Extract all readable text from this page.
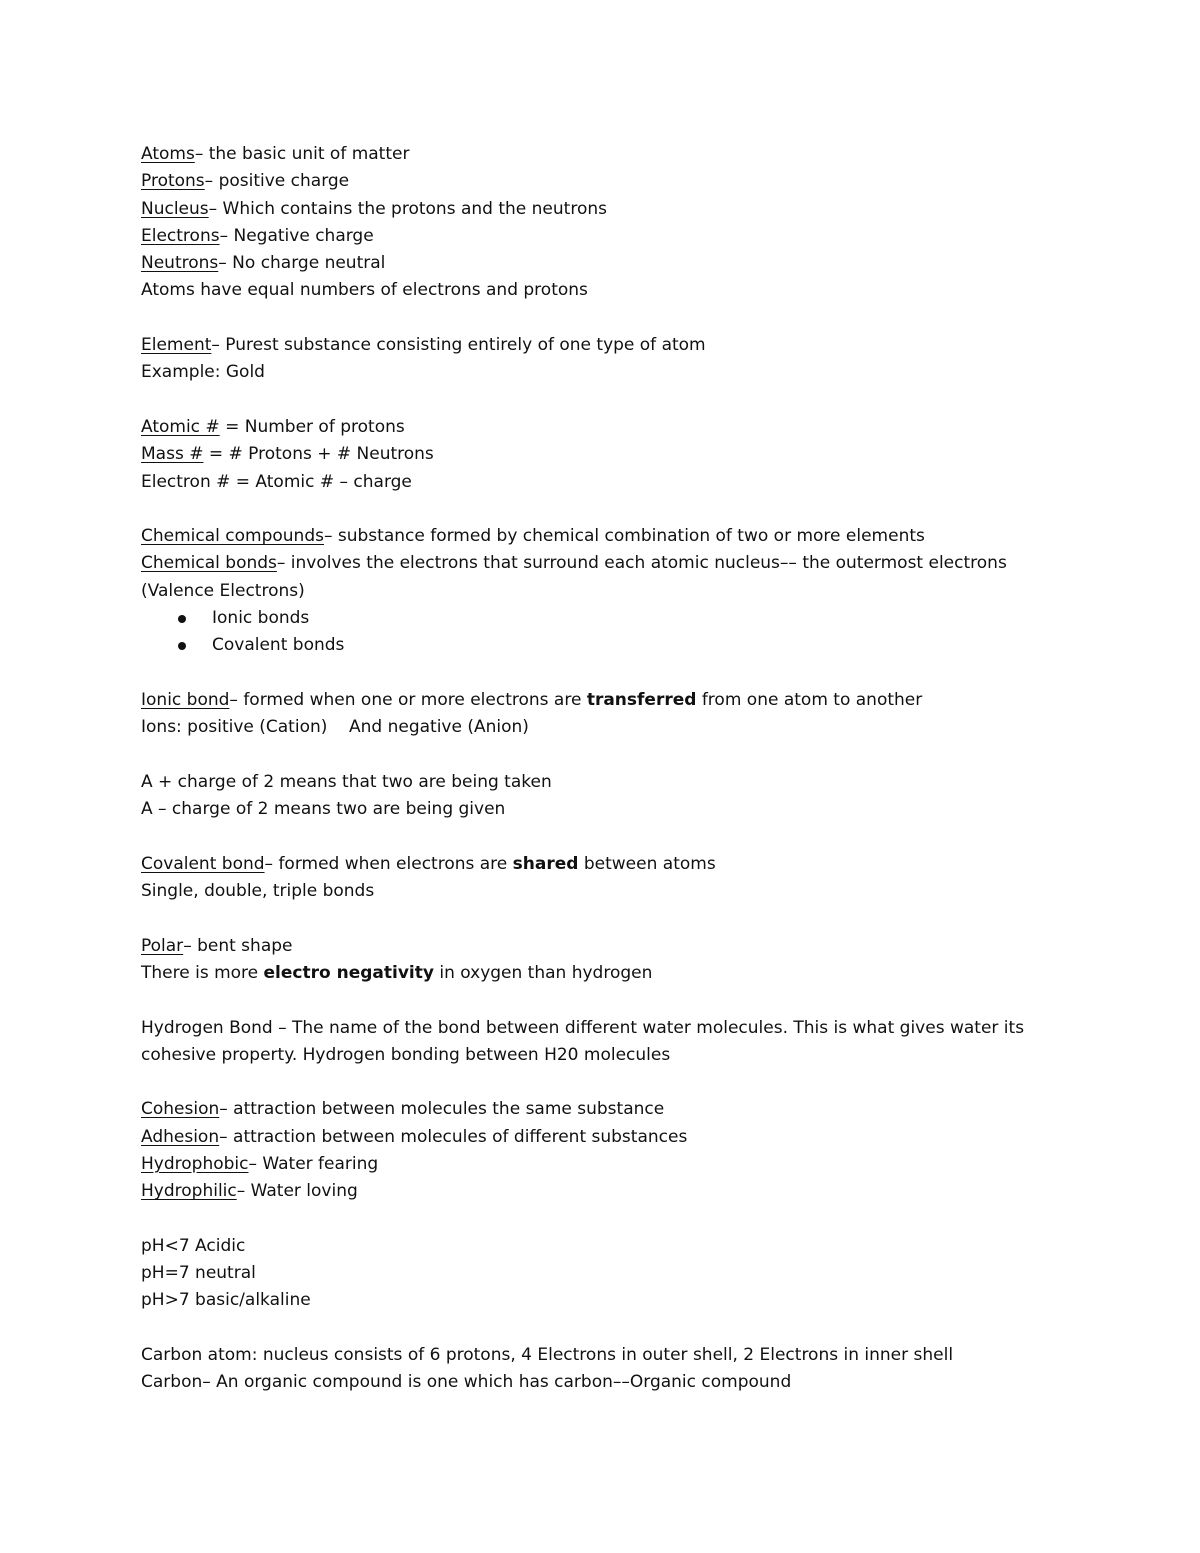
Atoms– the basic unit of matter
Protons– positive charge
Nucleus– Which contains the protons and the neutrons
Electrons– Negative charge
Neutrons– No charge neutral
Atoms have equal numbers of electrons and protons
Element– Purest substance consisting entirely of one type of atom
Example: Gold
Atomic # = Number of protons
Mass # = # Protons + # Neutrons
Electron # = Atomic # – charge
Chemical compounds– substance formed by chemical combination of two or more elements
Chemical bonds– involves the electrons that surround each atomic nucleus–– the outermost electrons (Valence Electrons)
Ionic bonds
Covalent bonds
Ionic bond– formed when one or more electrons are transferred from one atom to another
Ions: positive (Cation)    And negative (Anion)
A + charge of 2 means that two are being taken
A – charge of 2 means two are being given
Covalent bond– formed when electrons are shared between atoms
Single, double, triple bonds
Polar– bent shape
There is more electro negativity in oxygen than hydrogen
Hydrogen Bond – The name of the bond between different water molecules. This is what gives water its cohesive property. Hydrogen bonding between H20 molecules
Cohesion– attraction between molecules the same substance
Adhesion– attraction between molecules of different substances
Hydrophobic– Water fearing
Hydrophilic– Water loving
pH<7 Acidic
pH=7 neutral
pH>7 basic/alkaline
Carbon atom: nucleus consists of 6 protons, 4 Electrons in outer shell, 2 Electrons in inner shell
Carbon– An organic compound is one which has carbon––Organic compound
